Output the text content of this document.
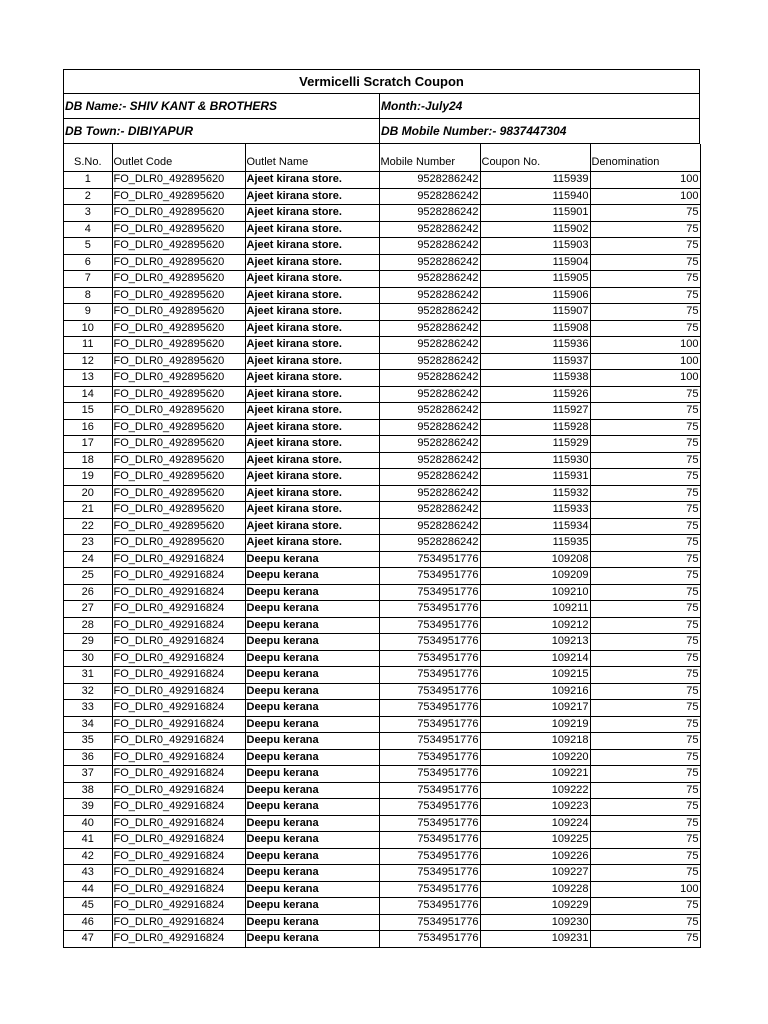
Vermicelli Scratch Coupon
DB Name:- SHIV KANT & BROTHERS	Month:-July24
DB Town:- DIBIYAPUR	DB Mobile Number:- 9837447304
S.No.	Outlet Code	Outlet Name	Mobile Number	Coupon No.	Denomination
1	FO_DLR0_492895620	Ajeet kirana store.	9528286242	115939	100
2	FO_DLR0_492895620	Ajeet kirana store.	9528286242	115940	100
3	FO_DLR0_492895620	Ajeet kirana store.	9528286242	115901	75
4	FO_DLR0_492895620	Ajeet kirana store.	9528286242	115902	75
5	FO_DLR0_492895620	Ajeet kirana store.	9528286242	115903	75
6	FO_DLR0_492895620	Ajeet kirana store.	9528286242	115904	75
7	FO_DLR0_492895620	Ajeet kirana store.	9528286242	115905	75
8	FO_DLR0_492895620	Ajeet kirana store.	9528286242	115906	75
9	FO_DLR0_492895620	Ajeet kirana store.	9528286242	115907	75
10	FO_DLR0_492895620	Ajeet kirana store.	9528286242	115908	75
11	FO_DLR0_492895620	Ajeet kirana store.	9528286242	115936	100
12	FO_DLR0_492895620	Ajeet kirana store.	9528286242	115937	100
13	FO_DLR0_492895620	Ajeet kirana store.	9528286242	115938	100
14	FO_DLR0_492895620	Ajeet kirana store.	9528286242	115926	75
15	FO_DLR0_492895620	Ajeet kirana store.	9528286242	115927	75
16	FO_DLR0_492895620	Ajeet kirana store.	9528286242	115928	75
17	FO_DLR0_492895620	Ajeet kirana store.	9528286242	115929	75
18	FO_DLR0_492895620	Ajeet kirana store.	9528286242	115930	75
19	FO_DLR0_492895620	Ajeet kirana store.	9528286242	115931	75
20	FO_DLR0_492895620	Ajeet kirana store.	9528286242	115932	75
21	FO_DLR0_492895620	Ajeet kirana store.	9528286242	115933	75
22	FO_DLR0_492895620	Ajeet kirana store.	9528286242	115934	75
23	FO_DLR0_492895620	Ajeet kirana store.	9528286242	115935	75
24	FO_DLR0_492916824	Deepu kerana	7534951776	109208	75
25	FO_DLR0_492916824	Deepu kerana	7534951776	109209	75
26	FO_DLR0_492916824	Deepu kerana	7534951776	109210	75
27	FO_DLR0_492916824	Deepu kerana	7534951776	109211	75
28	FO_DLR0_492916824	Deepu kerana	7534951776	109212	75
29	FO_DLR0_492916824	Deepu kerana	7534951776	109213	75
30	FO_DLR0_492916824	Deepu kerana	7534951776	109214	75
31	FO_DLR0_492916824	Deepu kerana	7534951776	109215	75
32	FO_DLR0_492916824	Deepu kerana	7534951776	109216	75
33	FO_DLR0_492916824	Deepu kerana	7534951776	109217	75
34	FO_DLR0_492916824	Deepu kerana	7534951776	109219	75
35	FO_DLR0_492916824	Deepu kerana	7534951776	109218	75
36	FO_DLR0_492916824	Deepu kerana	7534951776	109220	75
37	FO_DLR0_492916824	Deepu kerana	7534951776	109221	75
38	FO_DLR0_492916824	Deepu kerana	7534951776	109222	75
39	FO_DLR0_492916824	Deepu kerana	7534951776	109223	75
40	FO_DLR0_492916824	Deepu kerana	7534951776	109224	75
41	FO_DLR0_492916824	Deepu kerana	7534951776	109225	75
42	FO_DLR0_492916824	Deepu kerana	7534951776	109226	75
43	FO_DLR0_492916824	Deepu kerana	7534951776	109227	75
44	FO_DLR0_492916824	Deepu kerana	7534951776	109228	100
45	FO_DLR0_492916824	Deepu kerana	7534951776	109229	75
46	FO_DLR0_492916824	Deepu kerana	7534951776	109230	75
47	FO_DLR0_492916824	Deepu kerana	7534951776	109231	75
